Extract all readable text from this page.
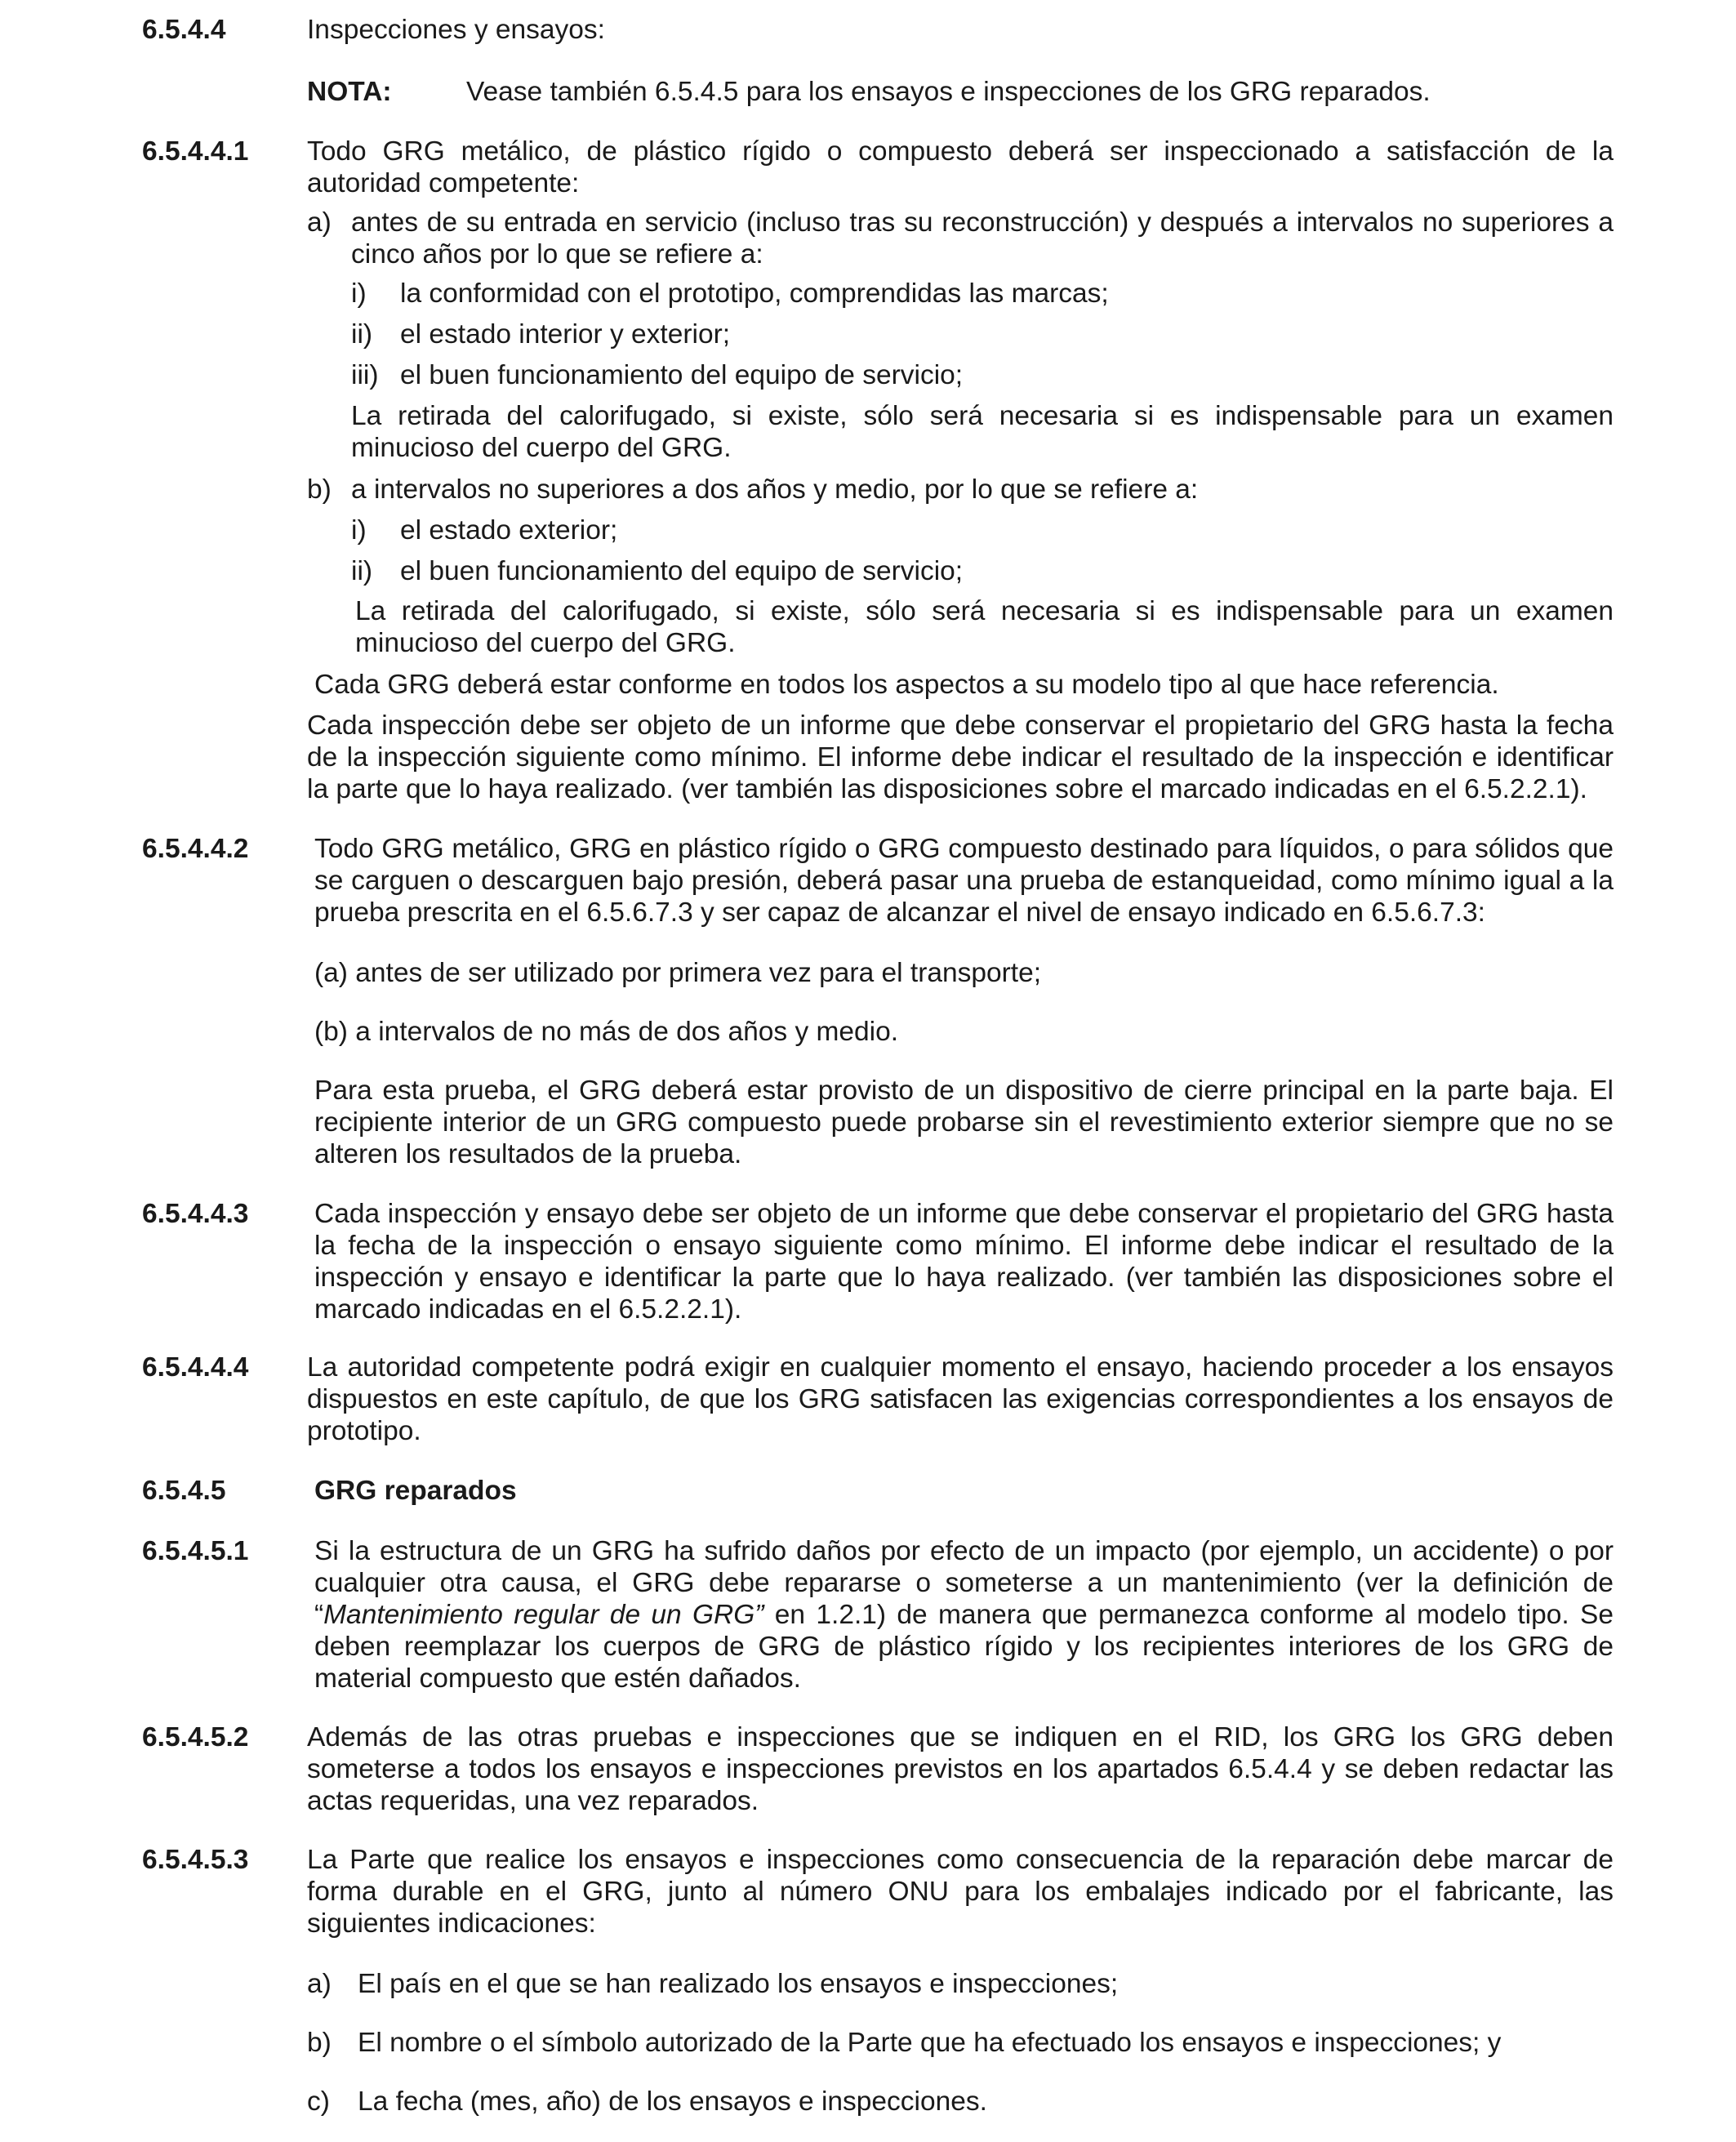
6.5.4.4	Inspecciones y ensayos:
NOTA:	Vease también 6.5.4.5 para los ensayos e inspecciones de los GRG reparados.
6.5.4.4.1 Todo GRG metálico, de plástico rígido o compuesto deberá ser inspeccionado a satisfacción de la autoridad competente:
a) antes de su entrada en servicio (incluso tras su reconstrucción) y después a intervalos no superiores a cinco años por lo que se refiere a:
i) la conformidad con el prototipo, comprendidas las marcas;
ii) el estado interior y exterior;
iii) el buen funcionamiento del equipo de servicio;
La retirada del calorifugado, si existe, sólo será necesaria si es indispensable para un examen minucioso del cuerpo del GRG.
b) a intervalos no superiores a dos años y medio, por lo que se refiere a:
i) el estado exterior;
ii) el buen funcionamiento del equipo de servicio;
La retirada del calorifugado, si existe, sólo será necesaria si es indispensable para un examen minucioso del cuerpo del GRG.
Cada GRG deberá estar conforme en todos los aspectos a su modelo tipo al que hace referencia.
Cada inspección debe ser objeto de un informe que debe conservar el propietario del GRG hasta la fecha de la inspección siguiente como mínimo. El informe debe indicar el resultado de la inspección e identificar la parte que lo haya realizado. (ver también las disposiciones sobre el marcado indicadas en el 6.5.2.2.1).
6.5.4.4.2 Todo GRG metálico, GRG en plástico rígido o GRG compuesto destinado para líquidos, o para sólidos que se carguen o descarguen bajo presión, deberá pasar una prueba de estanqueidad, como mínimo igual a la prueba prescrita en el 6.5.6.7.3 y ser capaz de alcanzar el nivel de ensayo indicado en 6.5.6.7.3:
(a) antes de ser utilizado por primera vez para el transporte;
(b) a intervalos de no más de dos años y medio.
Para esta prueba, el GRG deberá estar provisto de un dispositivo de cierre principal en la parte baja. El recipiente interior de un GRG compuesto puede probarse sin el revestimiento exterior siempre que no se alteren los resultados de la prueba.
6.5.4.4.3 Cada inspección y ensayo debe ser objeto de un informe que debe conservar el propietario del GRG hasta la fecha de la inspección o ensayo siguiente como mínimo. El informe debe indicar el resultado de la inspección y ensayo e identificar la parte que lo haya realizado. (ver también las disposiciones sobre el marcado indicadas en el 6.5.2.2.1).
6.5.4.4.4 La autoridad competente podrá exigir en cualquier momento el ensayo, haciendo proceder a los ensayos dispuestos en este capítulo, de que los GRG satisfacen las exigencias correspondientes a los ensayos de prototipo.
6.5.4.5	GRG reparados
6.5.4.5.1 Si la estructura de un GRG ha sufrido daños por efecto de un impacto (por ejemplo, un accidente) o por cualquier otra causa, el GRG debe repararse o someterse a un mantenimiento (ver la definición de “Mantenimiento regular de un GRG” en 1.2.1) de manera que permanezca conforme al modelo tipo. Se deben reemplazar los cuerpos de GRG de plástico rígido y los recipientes interiores de los GRG de material compuesto que estén dañados.
6.5.4.5.2 Además de las otras pruebas e inspecciones que se indiquen en el RID, los GRG los GRG deben someterse a todos los ensayos e inspecciones previstos en los apartados 6.5.4.4 y se deben redactar las actas requeridas, una vez reparados.
6.5.4.5.3 La Parte que realice los ensayos e inspecciones como consecuencia de la reparación debe marcar de forma durable en el GRG, junto al número ONU para los embalajes indicado por el fabricante, las siguientes indicaciones:
a) El país en el que se han realizado los ensayos e inspecciones;
b) El nombre o el símbolo autorizado de la Parte que ha efectuado los ensayos e inspecciones; y
c) La fecha (mes, año) de los ensayos e inspecciones.
